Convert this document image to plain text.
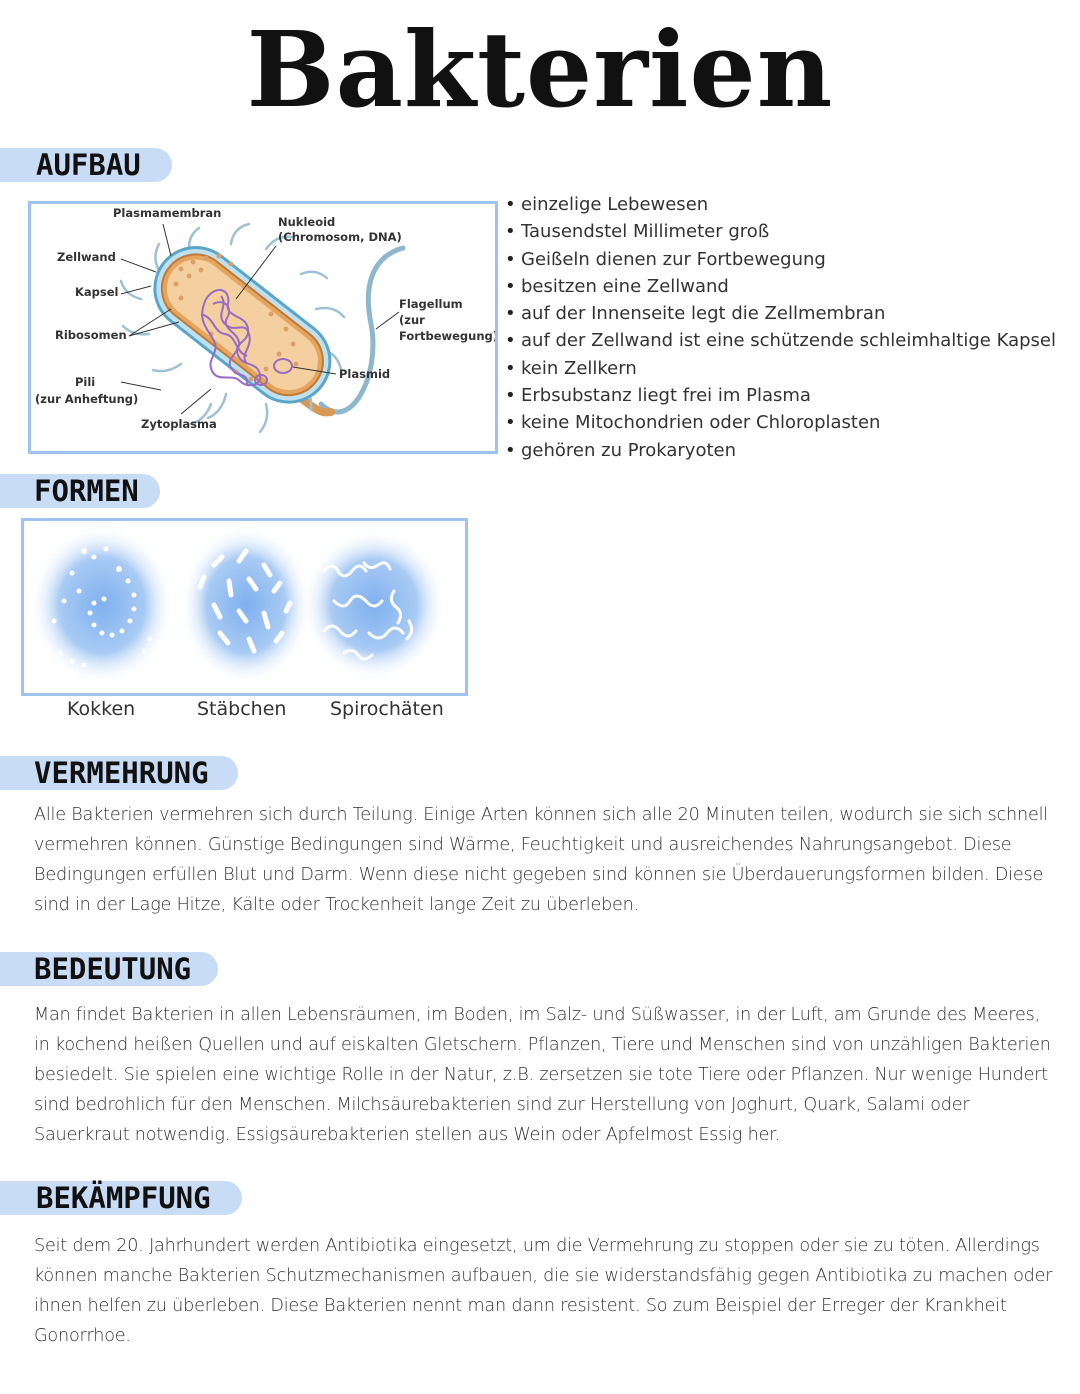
Bakterien
AUFBAU
Plasmamembran
Nukleoid
(Chromosom, DNA)
Zellwand
Kapsel
Ribosomen
Pili
(zur Anheftung)
Zytoplasma
Flagellum
(zur
Fortbewegung)
Plasmid
• einzelige Lebewesen
• Tausendstel Millimeter groß
• Geißeln dienen zur Fortbewegung
• besitzen eine Zellwand
• auf der Innenseite legt die Zellmembran
• auf der Zellwand ist eine schützende schleimhaltige Kapsel
• kein Zellkern
• Erbsubstanz liegt frei im Plasma
• keine Mitochondrien oder Chloroplasten
• gehören zu Prokaryoten
FORMEN
Kokken	Stäbchen Spirochäten
VERMEHRUNG
Alle Bakterien vermehren sich durch Teilung. Einige Arten können sich alle 20 Minuten teilen, wodurch sie sich schnell vermehren können. Günstige Bedingungen sind Wärme, Feuchtigkeit und ausreichendes Nahrungsangebot. Diese Bedingungen erfüllen Blut und Darm. Wenn diese nicht gegeben sind können sie Überdauerungsformen bilden. Diese sind in der Lage Hitze, Kälte oder Trockenheit lange Zeit zu überleben.
BEDEUTUNG
Man findet Bakterien in allen Lebensräumen, im Boden, im Salz- und Süßwasser, in der Luft, am Grunde des Meeres, in kochend heißen Quellen und auf eiskalten Gletschern. Pflanzen, Tiere und Menschen sind von unzähligen Bakterien besiedelt. Sie spielen eine wichtige Rolle in der Natur, z.B. zersetzen sie tote Tiere oder Pflanzen. Nur wenige Hundert sind bedrohlich für den Menschen. Milchsäurebakterien sind zur Herstellung von Joghurt, Quark, Salami oder Sauerkraut notwendig. Essigsäurebakterien stellen aus Wein oder Apfelmost Essig her.
BEKÄMPFUNG
Seit dem 20. Jahrhundert werden Antibiotika eingesetzt, um die Vermehrung zu stoppen oder sie zu töten. Allerdings können manche Bakterien Schutzmechanismen aufbauen, die sie widerstandsfähig gegen Antibiotika zu machen oder ihnen helfen zu überleben. Diese Bakterien nennt man dann resistent. So zum Beispiel der Erreger der Krankheit Gonorrhoe.
